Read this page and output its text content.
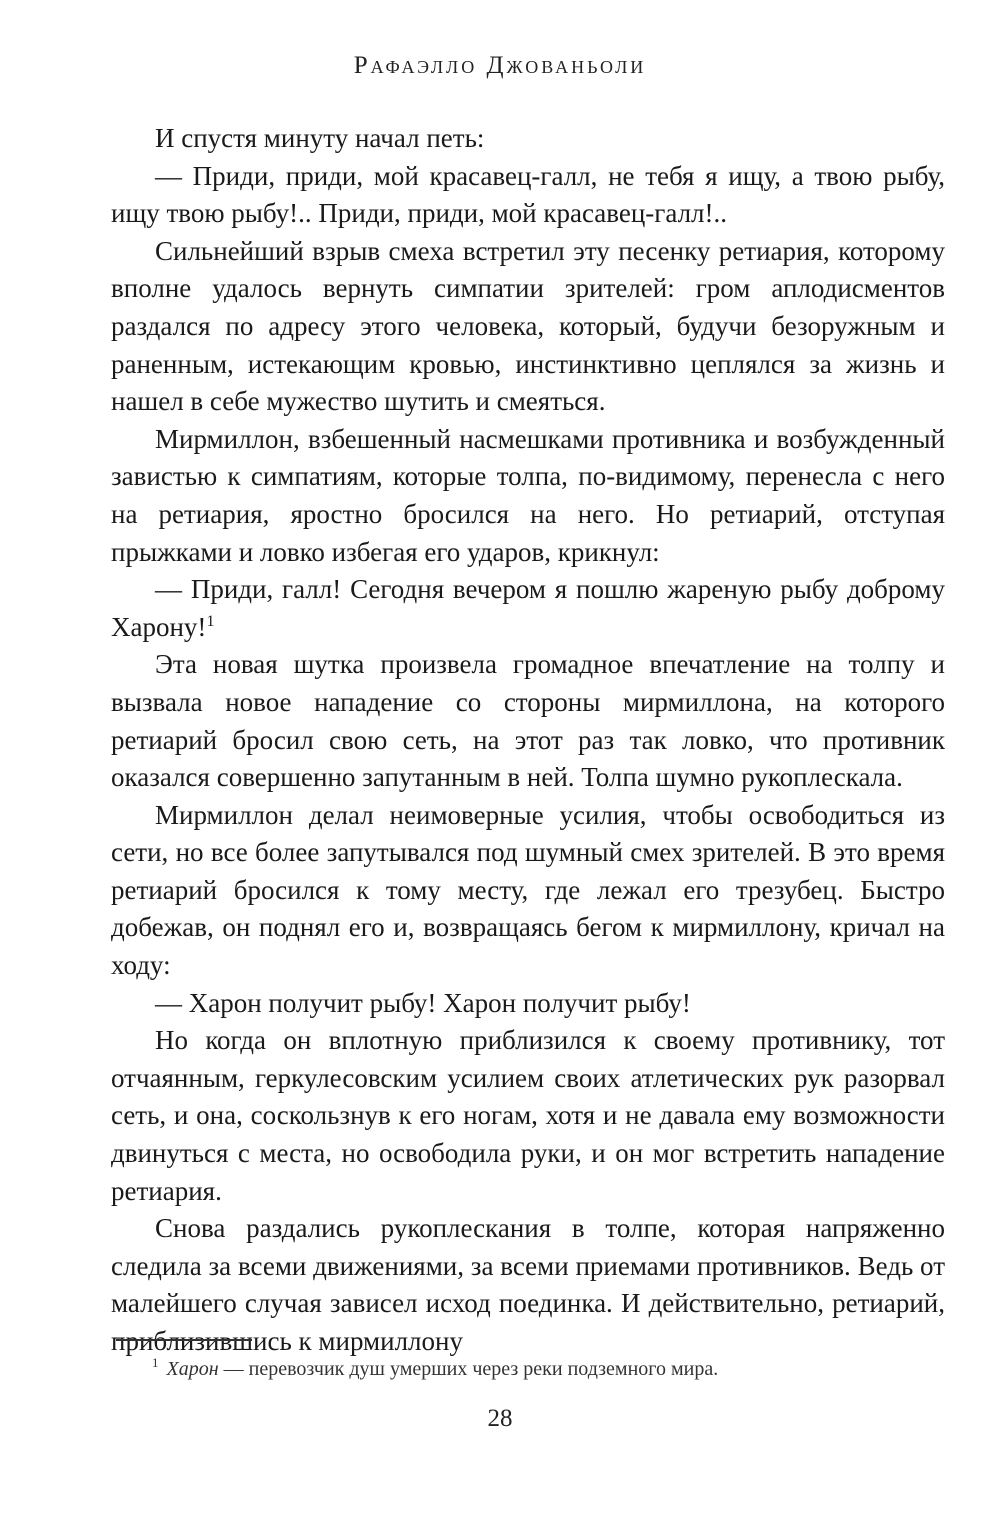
Рафаэлло Джованьоли

И спустя минуту начал петь:

— Приди, приди, мой красавец-галл, не тебя я ищу, а твою рыбу, ищу твою рыбу!.. Приди, приди, мой красавец-галл!..

Сильнейший взрыв смеха встретил эту песенку ретиария, которому вполне удалось вернуть симпатии зрителей: гром аплодисментов раздался по адресу этого человека, который, будучи безоружным и раненным, истекающим кровью, инстинктивно цеплялся за жизнь и нашел в себе мужество шутить и смеяться.

Мирмиллон, взбешенный насмешками противника и возбужденный завистью к симпатиям, которые толпа, по-видимому, перенесла с него на ретиария, яростно бросился на него. Но ретиарий, отступая прыжками и ловко избегая его ударов, крикнул:

— Приди, галл! Сегодня вечером я пошлю жареную рыбу доброму Харону!$^1$

Эта новая шутка произвела громадное впечатление на толпу и вызвала новое нападение со стороны мирмиллона, на которого ретиарий бросил свою сеть, на этот раз так ловко, что противник оказался совершенно запутанным в ней. Толпа шумно рукоплескала.

Мирмиллон делал неимоверные усилия, чтобы освободиться из сети, но все более запутывался под шумный смех зрителей. В это время ретиарий бросился к тому месту, где лежал его трезубец. Быстро добежав, он поднял его и, возвращаясь бегом к мирмиллону, кричал на ходу:

— Харон получит рыбу! Харон получит рыбу!

Но когда он вплотную приблизился к своему противнику, тот отчаянным, геркулесовским усилием своих атлетических рук разорвал сеть, и она, соскользнув к его ногам, хотя и не давала ему возможности двинуться с места, но освободила руки, и он мог встретить нападение ретиария.

Снова раздались рукоплескания в толпе, которая напряженно следила за всеми движениями, за всеми приемами противников. Ведь от малейшего случая зависел исход поединка. И действительно, ретиарий, приблизившись к мирмиллону

$^1$ Харон — перевозчик душ умерших через реки подземного мира.
28
